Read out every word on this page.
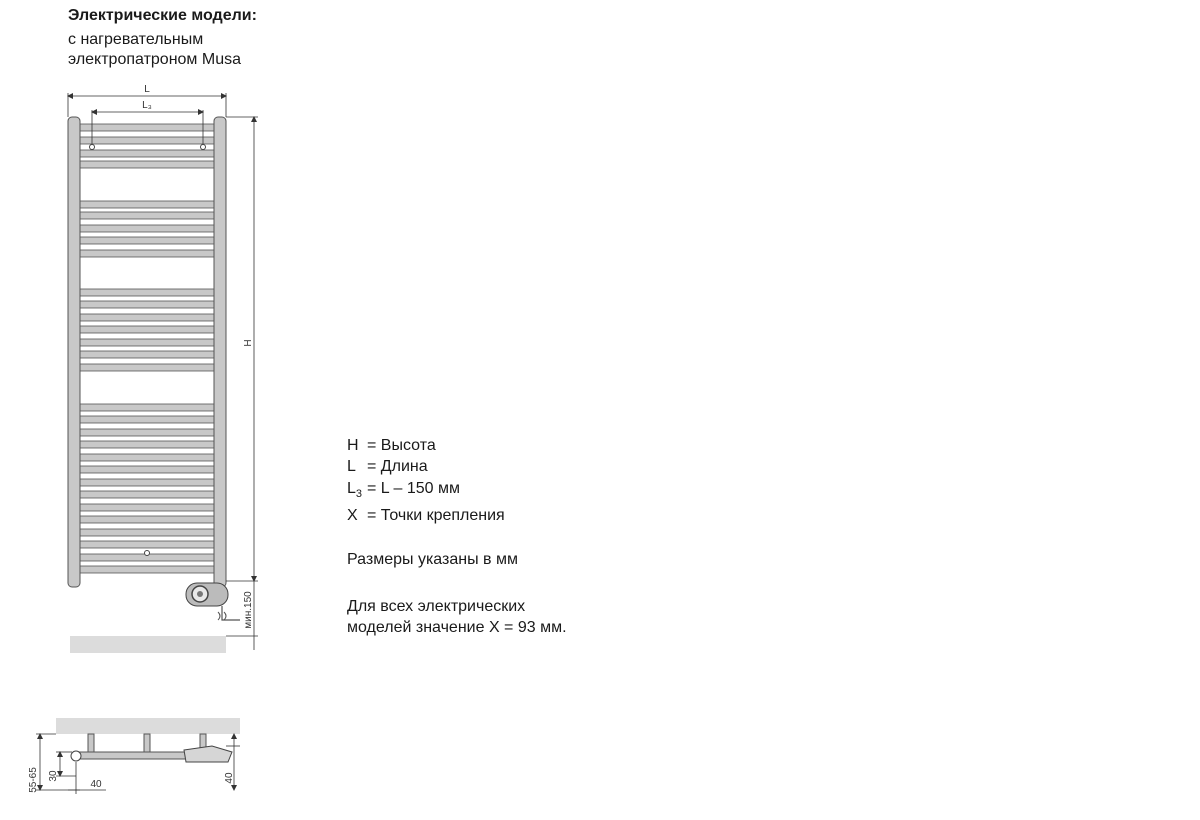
Электрические модели:
с нагревательным
электропатроном Musa
L
L₃
H
мин.150
55-65 30
40
40
H = Высота
L = Длина
$L_3 = L - 150$ мм
X = Точки крепления
Размеры указаны в мм
Для всех электрических
моделей значение X = 93 мм.
